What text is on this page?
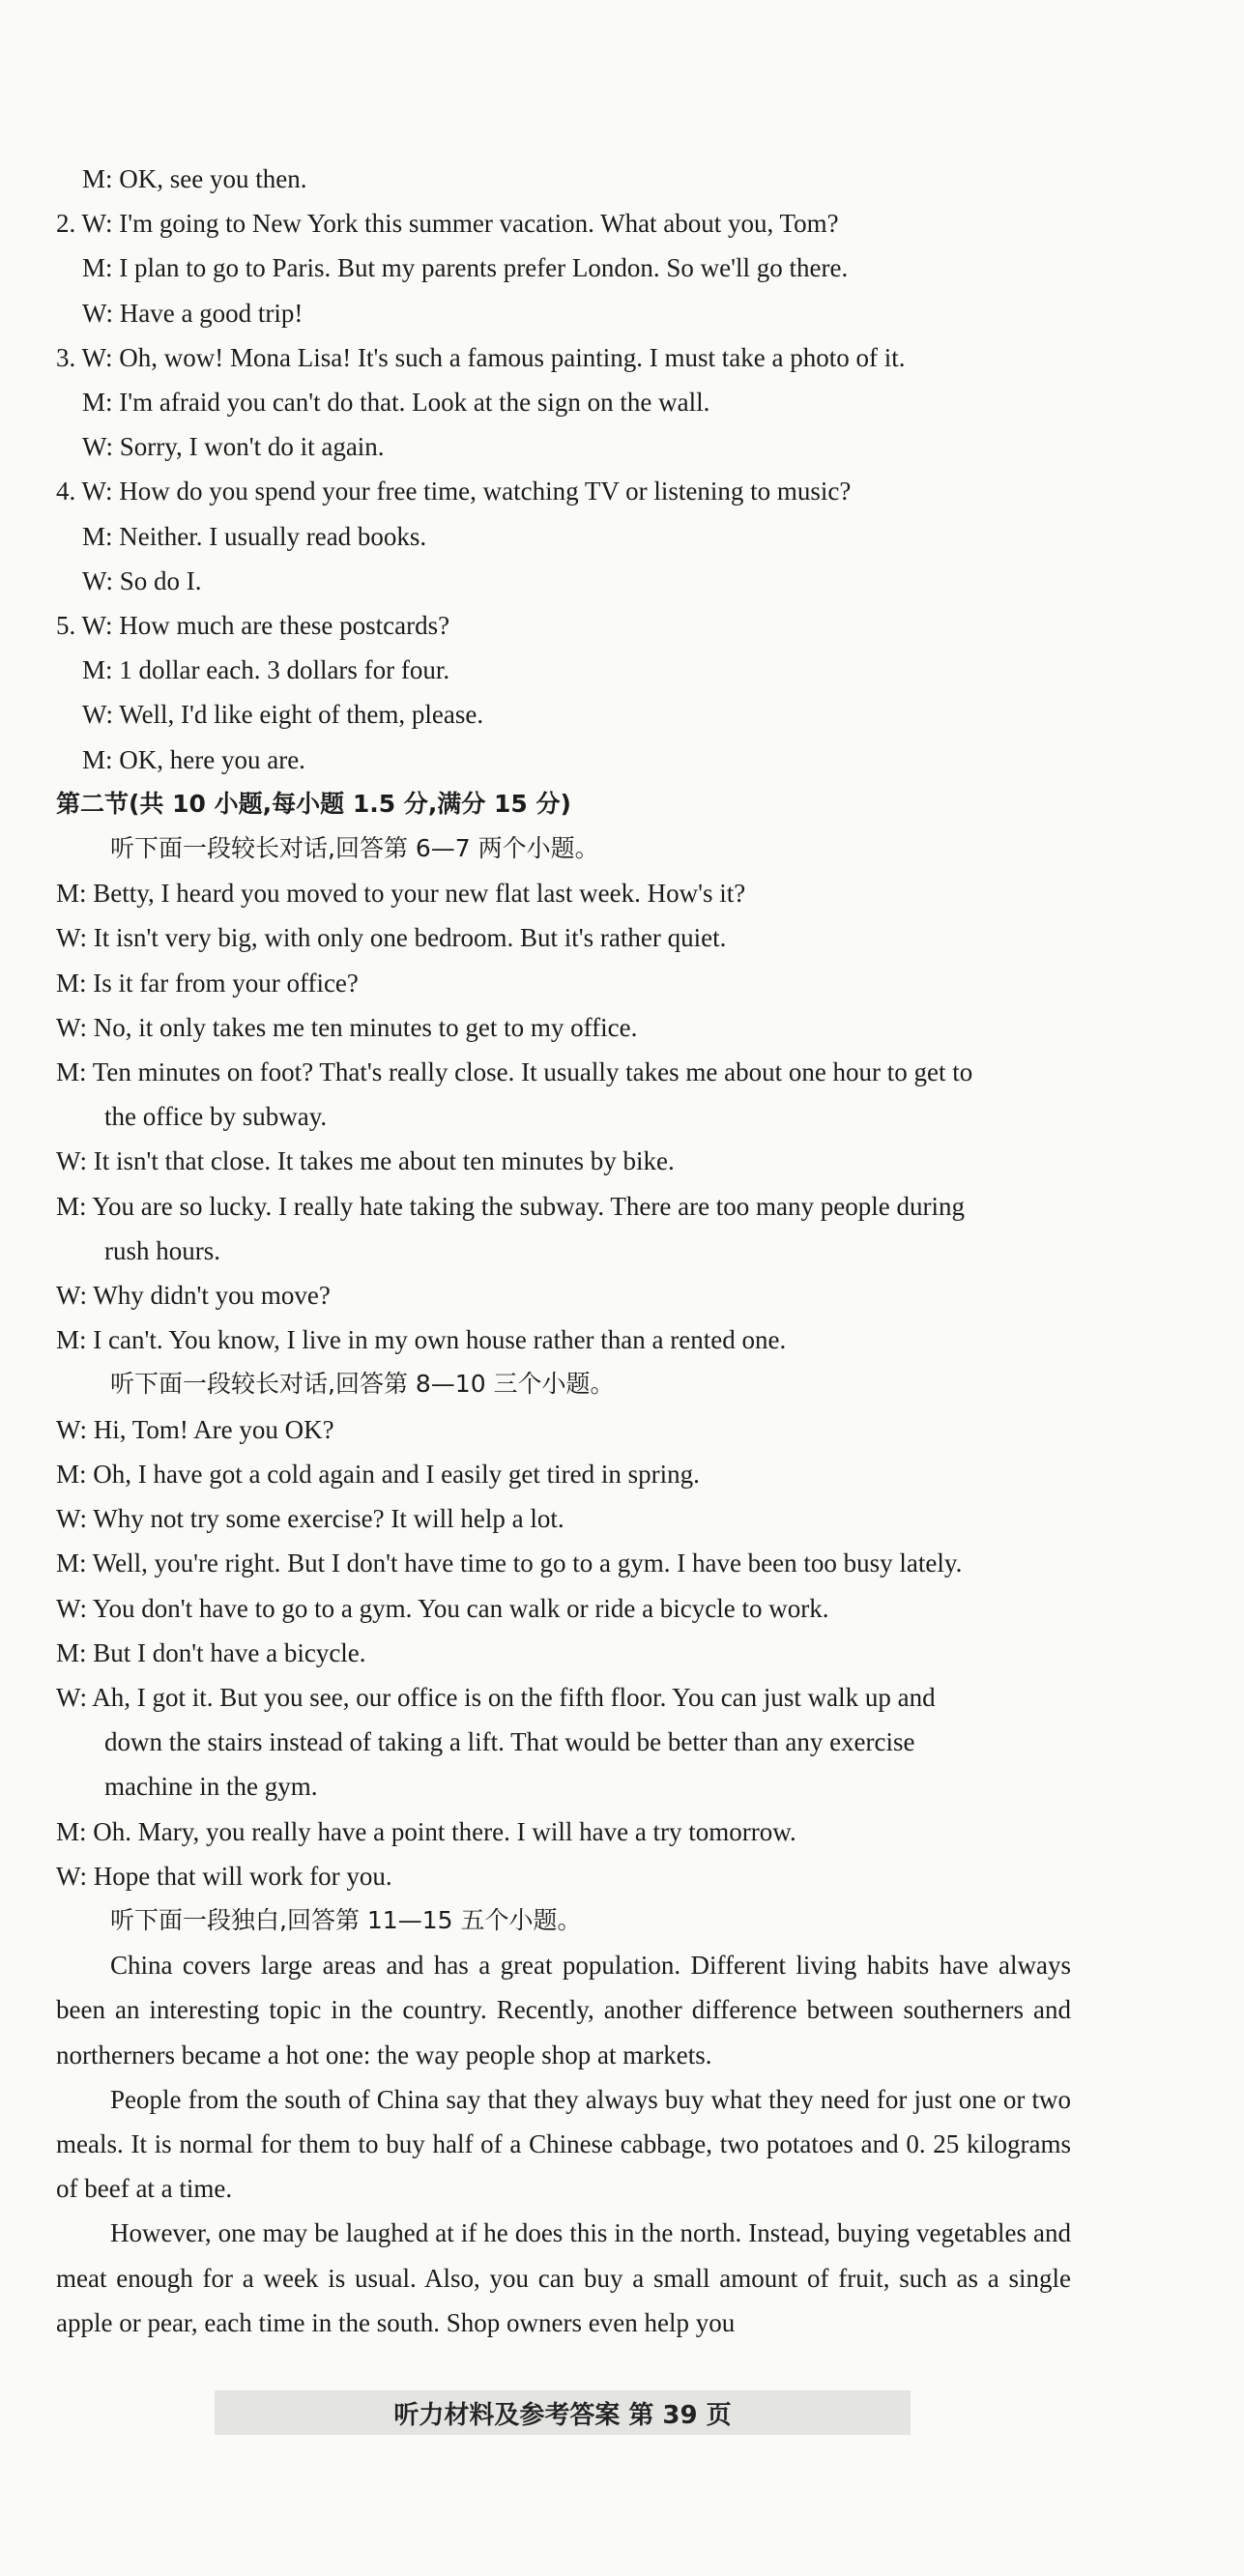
M: OK, see you then.
2. W: I'm going to New York this summer vacation. What about you, Tom?
M: I plan to go to Paris. But my parents prefer London. So we'll go there.
W: Have a good trip!
3. W: Oh, wow! Mona Lisa! It's such a famous painting. I must take a photo of it.
M: I'm afraid you can't do that. Look at the sign on the wall.
W: Sorry, I won't do it again.
4. W: How do you spend your free time, watching TV or listening to music?
M: Neither. I usually read books.
W: So do I.
5. W: How much are these postcards?
M: 1 dollar each. 3 dollars for four.
W: Well, I'd like eight of them, please.
M: OK, here you are.
第二节(共 10 小题,每小题 1.5 分,满分 15 分)
听下面一段较长对话,回答第 6—7 两个小题。
M: Betty, I heard you moved to your new flat last week. How's it?
W: It isn't very big, with only one bedroom. But it's rather quiet.
M: Is it far from your office?
W: No, it only takes me ten minutes to get to my office.
M: Ten minutes on foot? That's really close. It usually takes me about one hour to get to
the office by subway.
W: It isn't that close. It takes me about ten minutes by bike.
M: You are so lucky. I really hate taking the subway. There are too many people during
rush hours.
W: Why didn't you move?
M: I can't. You know, I live in my own house rather than a rented one.
听下面一段较长对话,回答第 8—10 三个小题。
W: Hi, Tom! Are you OK?
M: Oh, I have got a cold again and I easily get tired in spring.
W: Why not try some exercise? It will help a lot.
M: Well, you're right. But I don't have time to go to a gym. I have been too busy lately.
W: You don't have to go to a gym. You can walk or ride a bicycle to work.
M: But I don't have a bicycle.
W: Ah, I got it. But you see, our office is on the fifth floor. You can just walk up and
down the stairs instead of taking a lift. That would be better than any exercise
machine in the gym.
M: Oh. Mary, you really have a point there. I will have a try tomorrow.
W: Hope that will work for you.
听下面一段独白,回答第 11—15 五个小题。
China covers large areas and has a great population. Different living habits have always been an interesting topic in the country. Recently, another difference between southerners and northerners became a hot one: the way people shop at markets.
People from the south of China say that they always buy what they need for just one or two meals. It is normal for them to buy half of a Chinese cabbage, two potatoes and 0. 25 kilograms of beef at a time.
However, one may be laughed at if he does this in the north. Instead, buying vegetables and meat enough for a week is usual. Also, you can buy a small amount of fruit, such as a single apple or pear, each time in the south. Shop owners even help you
听力材料及参考答案 第 39 页
